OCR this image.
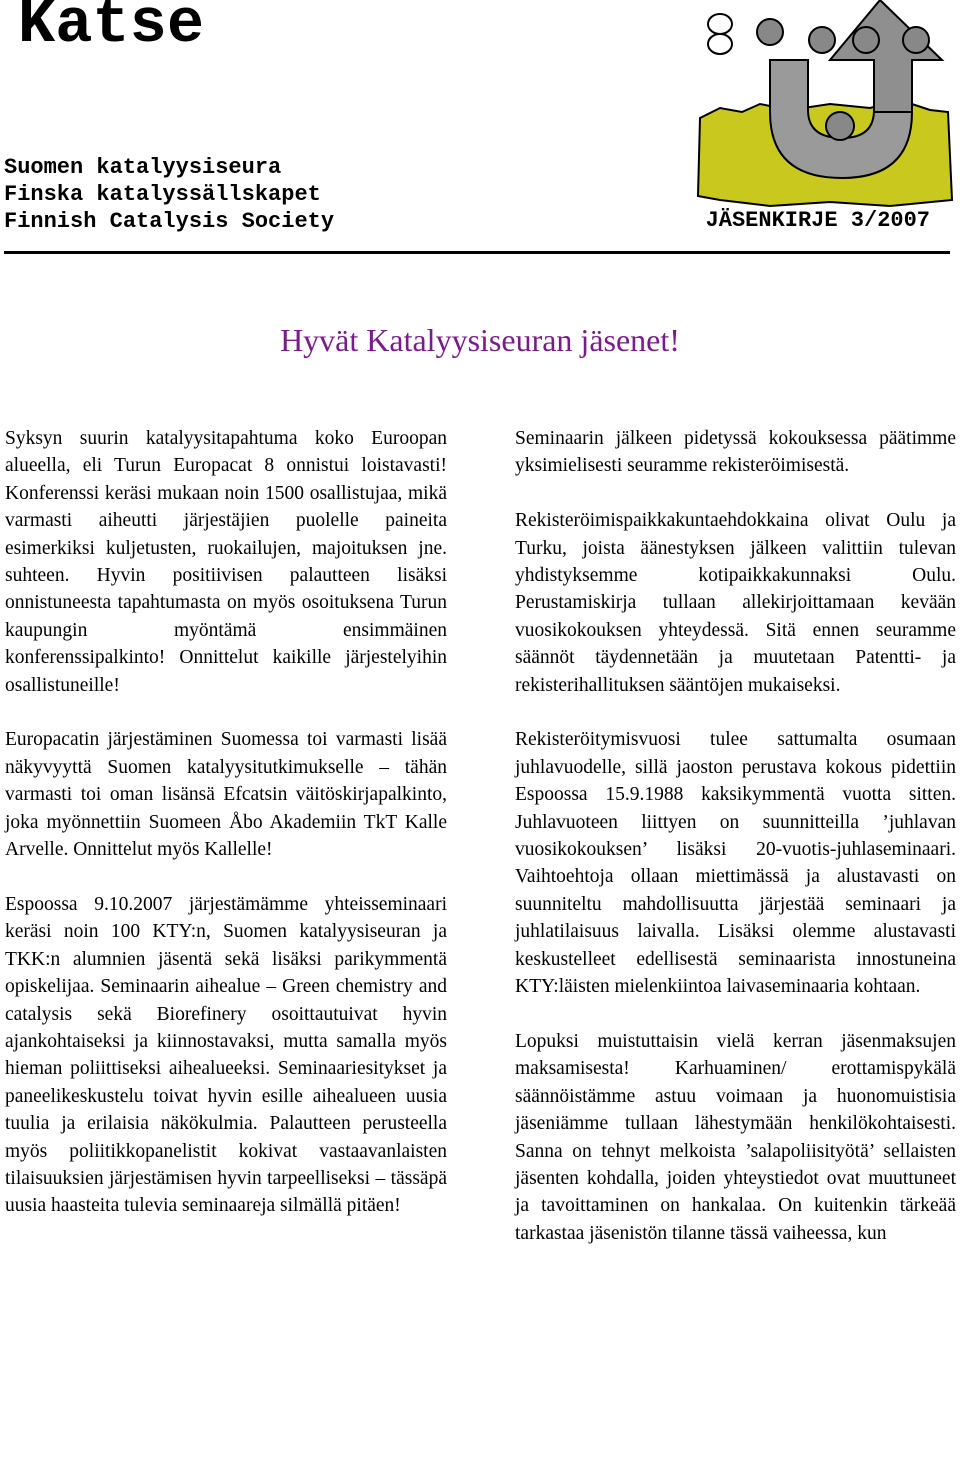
Katse
Suomen katalyysiseura
Finska katalyssällskapet
Finnish Catalysis Society	JÄSENKIRJE 3/2007
Hyvät Katalyysiseuran jäsenet!

Syksyn suurin katalyysitapahtuma koko Euroopan alueella, eli Turun Europacat 8 onnistui loistavasti! Konferenssi keräsi mukaan noin 1500 osallistujaa, mikä varmasti aiheutti järjestäjien puolelle paineita esimerkiksi kuljetusten, ruokailujen, majoituksen jne. suhteen. Hyvin positiivisen palautteen lisäksi onnistuneesta tapahtumasta on myös osoituksena Turun kaupungin myöntämä ensimmäinen konferenssipalkinto! Onnittelut kaikille järjestelyihin osallistuneille!

Europacatin järjestäminen Suomessa toi varmasti lisää näkyvyyttä Suomen katalyysitutkimukselle – tähän varmasti toi oman lisänsä Efcatsin väitöskirjapalkinto, joka myönnettiin Suomeen Åbo Akademiin TkT Kalle Arvelle. Onnittelut myös Kallelle!

Espoossa 9.10.2007 järjestämämme yhteisseminaari keräsi noin 100 KTY:n, Suomen katalyysiseuran ja TKK:n alumnien jäsentä sekä lisäksi parikymmentä opiskelijaa. Seminaarin aihealue – Green chemistry and catalysis sekä Biorefinery osoittautuivat hyvin ajankohtaiseksi ja kiinnostavaksi, mutta samalla myös hieman poliittiseksi aihealueeksi. Seminaariesitykset ja paneelikeskustelu toivat hyvin esille aihealueen uusia tuulia ja erilaisia näkökulmia. Palautteen perusteella myös poliitikkopanelistit kokivat vastaavanlaisten tilaisuuksien järjestämisen hyvin tarpeelliseksi – tässäpä uusia haasteita tulevia seminaareja silmällä pitäen!

Seminaarin jälkeen pidetyssä kokouksessa päätimme yksimielisesti seuramme rekisteröimisestä.

Rekisteröimispaikkakuntaehdokkaina olivat Oulu ja Turku, joista äänestyksen jälkeen valittiin tulevan yhdistyksemme kotipaikkakunnaksi Oulu. Perustamiskirja tullaan allekirjoittamaan kevään vuosikokouksen yhteydessä. Sitä ennen seuramme säännöt täydennetään ja muutetaan Patentti- ja rekisterihallituksen sääntöjen mukaiseksi.

Rekisteröitymisvuosi tulee sattumalta osumaan juhlavuodelle, sillä jaoston perustava kokous pidettiin Espoossa 15.9.1988 kaksikymmentä vuotta sitten. Juhlavuoteen liittyen on suunnitteilla ’juhlavan vuosikokouksen’ lisäksi 20-vuotis-juhlaseminaari. Vaihtoehtoja ollaan miettimässä ja alustavasti on suunniteltu mahdollisuutta järjestää seminaari ja juhlatilaisuus laivalla. Lisäksi olemme alustavasti keskustelleet edellisestä seminaarista innostuneina KTY:läisten mielenkiintoa laivaseminaaria kohtaan.

Lopuksi muistuttaisin vielä kerran jäsenmaksujen maksamisesta! Karhuaminen/ erottamispykälä säännöistämme astuu voimaan ja huonomuistisia jäseniämme tullaan lähestymään henkilökohtaisesti. Sanna on tehnyt melkoista ’salapoliisityötä’ sellaisten jäsenten kohdalla, joiden yhteystiedot ovat muuttuneet ja tavoittaminen on hankalaa. On kuitenkin tärkeää tarkastaa jäsenistön tilanne tässä vaiheessa, kun
